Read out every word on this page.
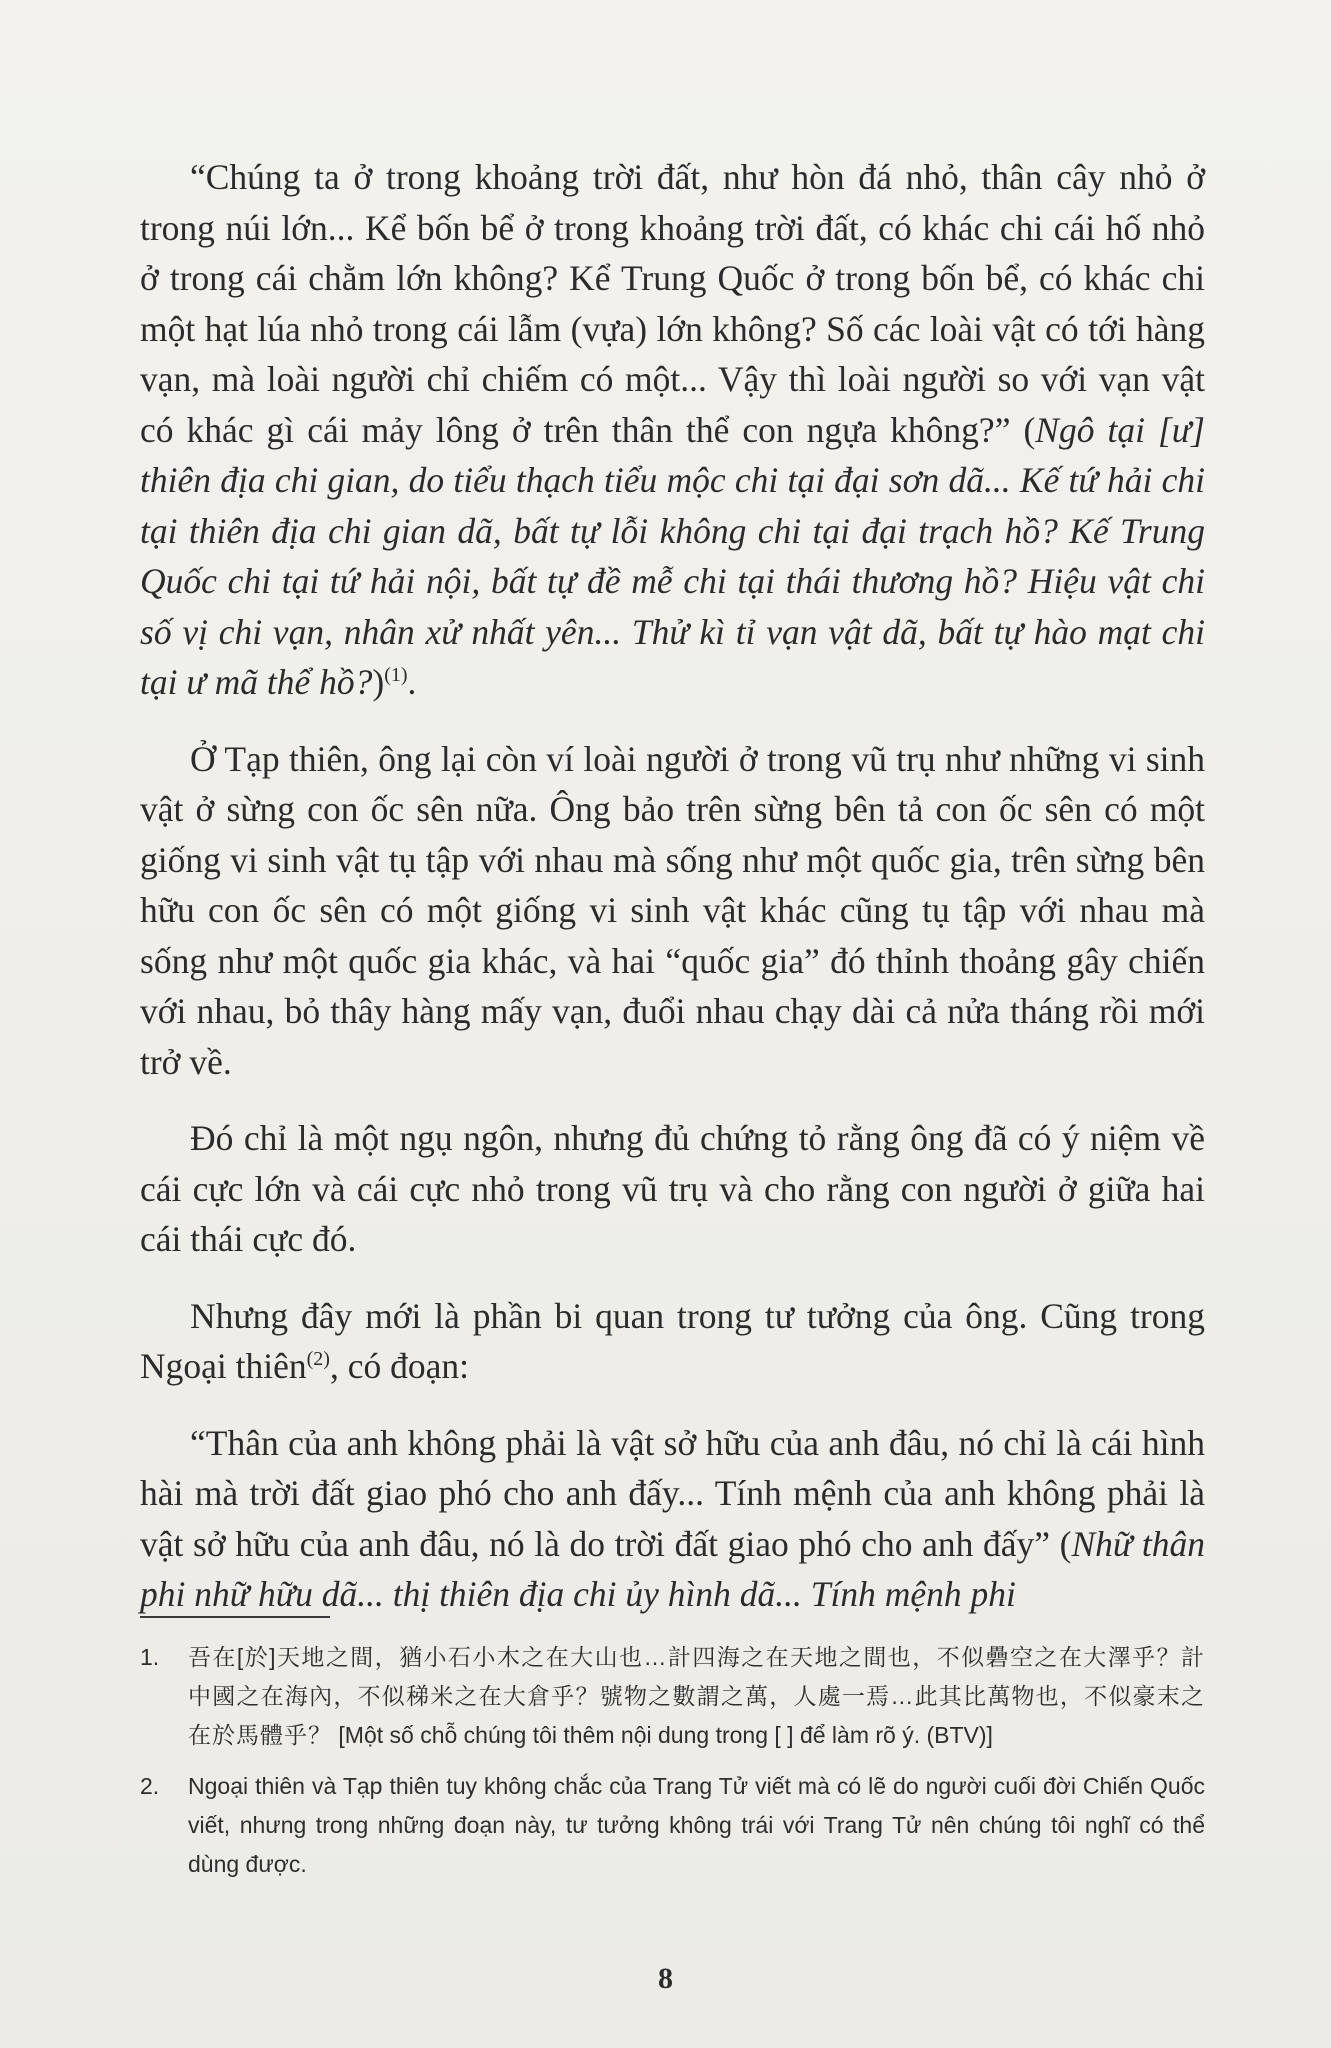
“Chúng ta ở trong khoảng trời đất, như hòn đá nhỏ, thân cây nhỏ ở trong núi lớn... Kể bốn bể ở trong khoảng trời đất, có khác chi cái hố nhỏ ở trong cái chằm lớn không? Kể Trung Quốc ở trong bốn bể, có khác chi một hạt lúa nhỏ trong cái lẫm (vựa) lớn không? Số các loài vật có tới hàng vạn, mà loài người chỉ chiếm có một... Vậy thì loài người so với vạn vật có khác gì cái mảy lông ở trên thân thể con ngựa không?” (Ngô tại [ư] thiên địa chi gian, do tiểu thạch tiểu mộc chi tại đại sơn dã... Kế tứ hải chi tại thiên địa chi gian dã, bất tự lỗi không chi tại đại trạch hồ? Kế Trung Quốc chi tại tứ hải nội, bất tự đề mễ chi tại thái thương hồ? Hiệu vật chi số vị chi vạn, nhân xử nhất yên... Thử kì tỉ vạn vật dã, bất tự hào mạt chi tại ư mã thể hồ?)$^{(1)}$.

Ở Tạp thiên, ông lại còn ví loài người ở trong vũ trụ như những vi sinh vật ở sừng con ốc sên nữa. Ông bảo trên sừng bên tả con ốc sên có một giống vi sinh vật tụ tập với nhau mà sống như một quốc gia, trên sừng bên hữu con ốc sên có một giống vi sinh vật khác cũng tụ tập với nhau mà sống như một quốc gia khác, và hai “quốc gia” đó thỉnh thoảng gây chiến với nhau, bỏ thây hàng mấy vạn, đuổi nhau chạy dài cả nửa tháng rồi mới trở về.

Đó chỉ là một ngụ ngôn, nhưng đủ chứng tỏ rằng ông đã có ý niệm về cái cực lớn và cái cực nhỏ trong vũ trụ và cho rằng con người ở giữa hai cái thái cực đó.

Nhưng đây mới là phần bi quan trong tư tưởng của ông. Cũng trong Ngoại thiên$^{(2)}$, có đoạn:

“Thân của anh không phải là vật sở hữu của anh đâu, nó chỉ là cái hình hài mà trời đất giao phó cho anh đấy... Tính mệnh của anh không phải là vật sở hữu của anh đâu, nó là do trời đất giao phó cho anh đấy” (Nhữ thân phi nhữ hữu dã... thị thiên địa chi ủy hình dã... Tính mệnh phi

1. 吾在[於]天地之間，猶小石小木之在大山也…計四海之在天地之間也，不似礨空之在大澤乎？計中國之在海內，不似稊米之在大倉乎？號物之數謂之萬，人處一焉…此其比萬物也，不似豪末之在於馬體乎？ [Một số chỗ chúng tôi thêm nội dung trong [ ] để làm rõ ý. (BTV)]
2. Ngoại thiên và Tạp thiên tuy không chắc của Trang Tử viết mà có lẽ do người cuối đời Chiến Quốc viết, nhưng trong những đoạn này, tư tưởng không trái với Trang Tử nên chúng tôi nghĩ có thể dùng được.
8
